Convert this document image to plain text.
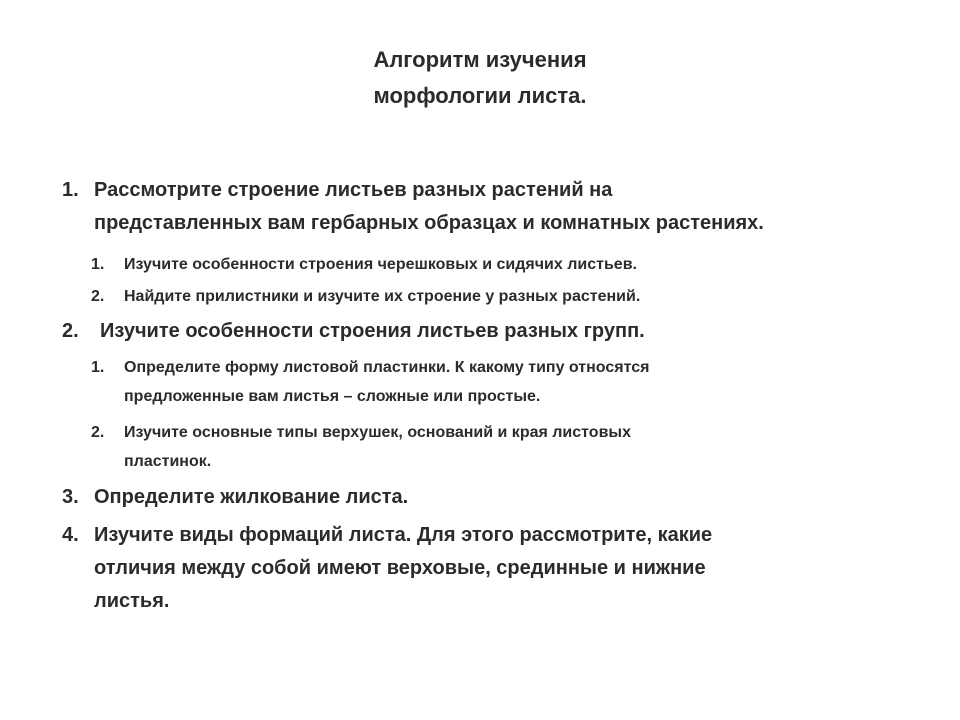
Алгоритм изучения
морфологии листа.
1. Рассмотрите строение листьев разных растений на
представленных вам гербарных образцах и комнатных растениях.
1.	Изучите особенности строения черешковых и сидячих листьев.
2.	Найдите прилистники и изучите их строение у разных растений.
2.	Изучите особенности строения листьев разных групп.
1.	Определите форму листовой пластинки. К какому типу относятся
предложенные вам листья – сложные или простые.
2.	Изучите основные типы верхушек, оснований и края листовых
пластинок.
3. Определите жилкование листа.
4. Изучите виды формаций листа. Для этого рассмотрите, какие
отличия между собой имеют верховые, срединные и нижние
листья.
